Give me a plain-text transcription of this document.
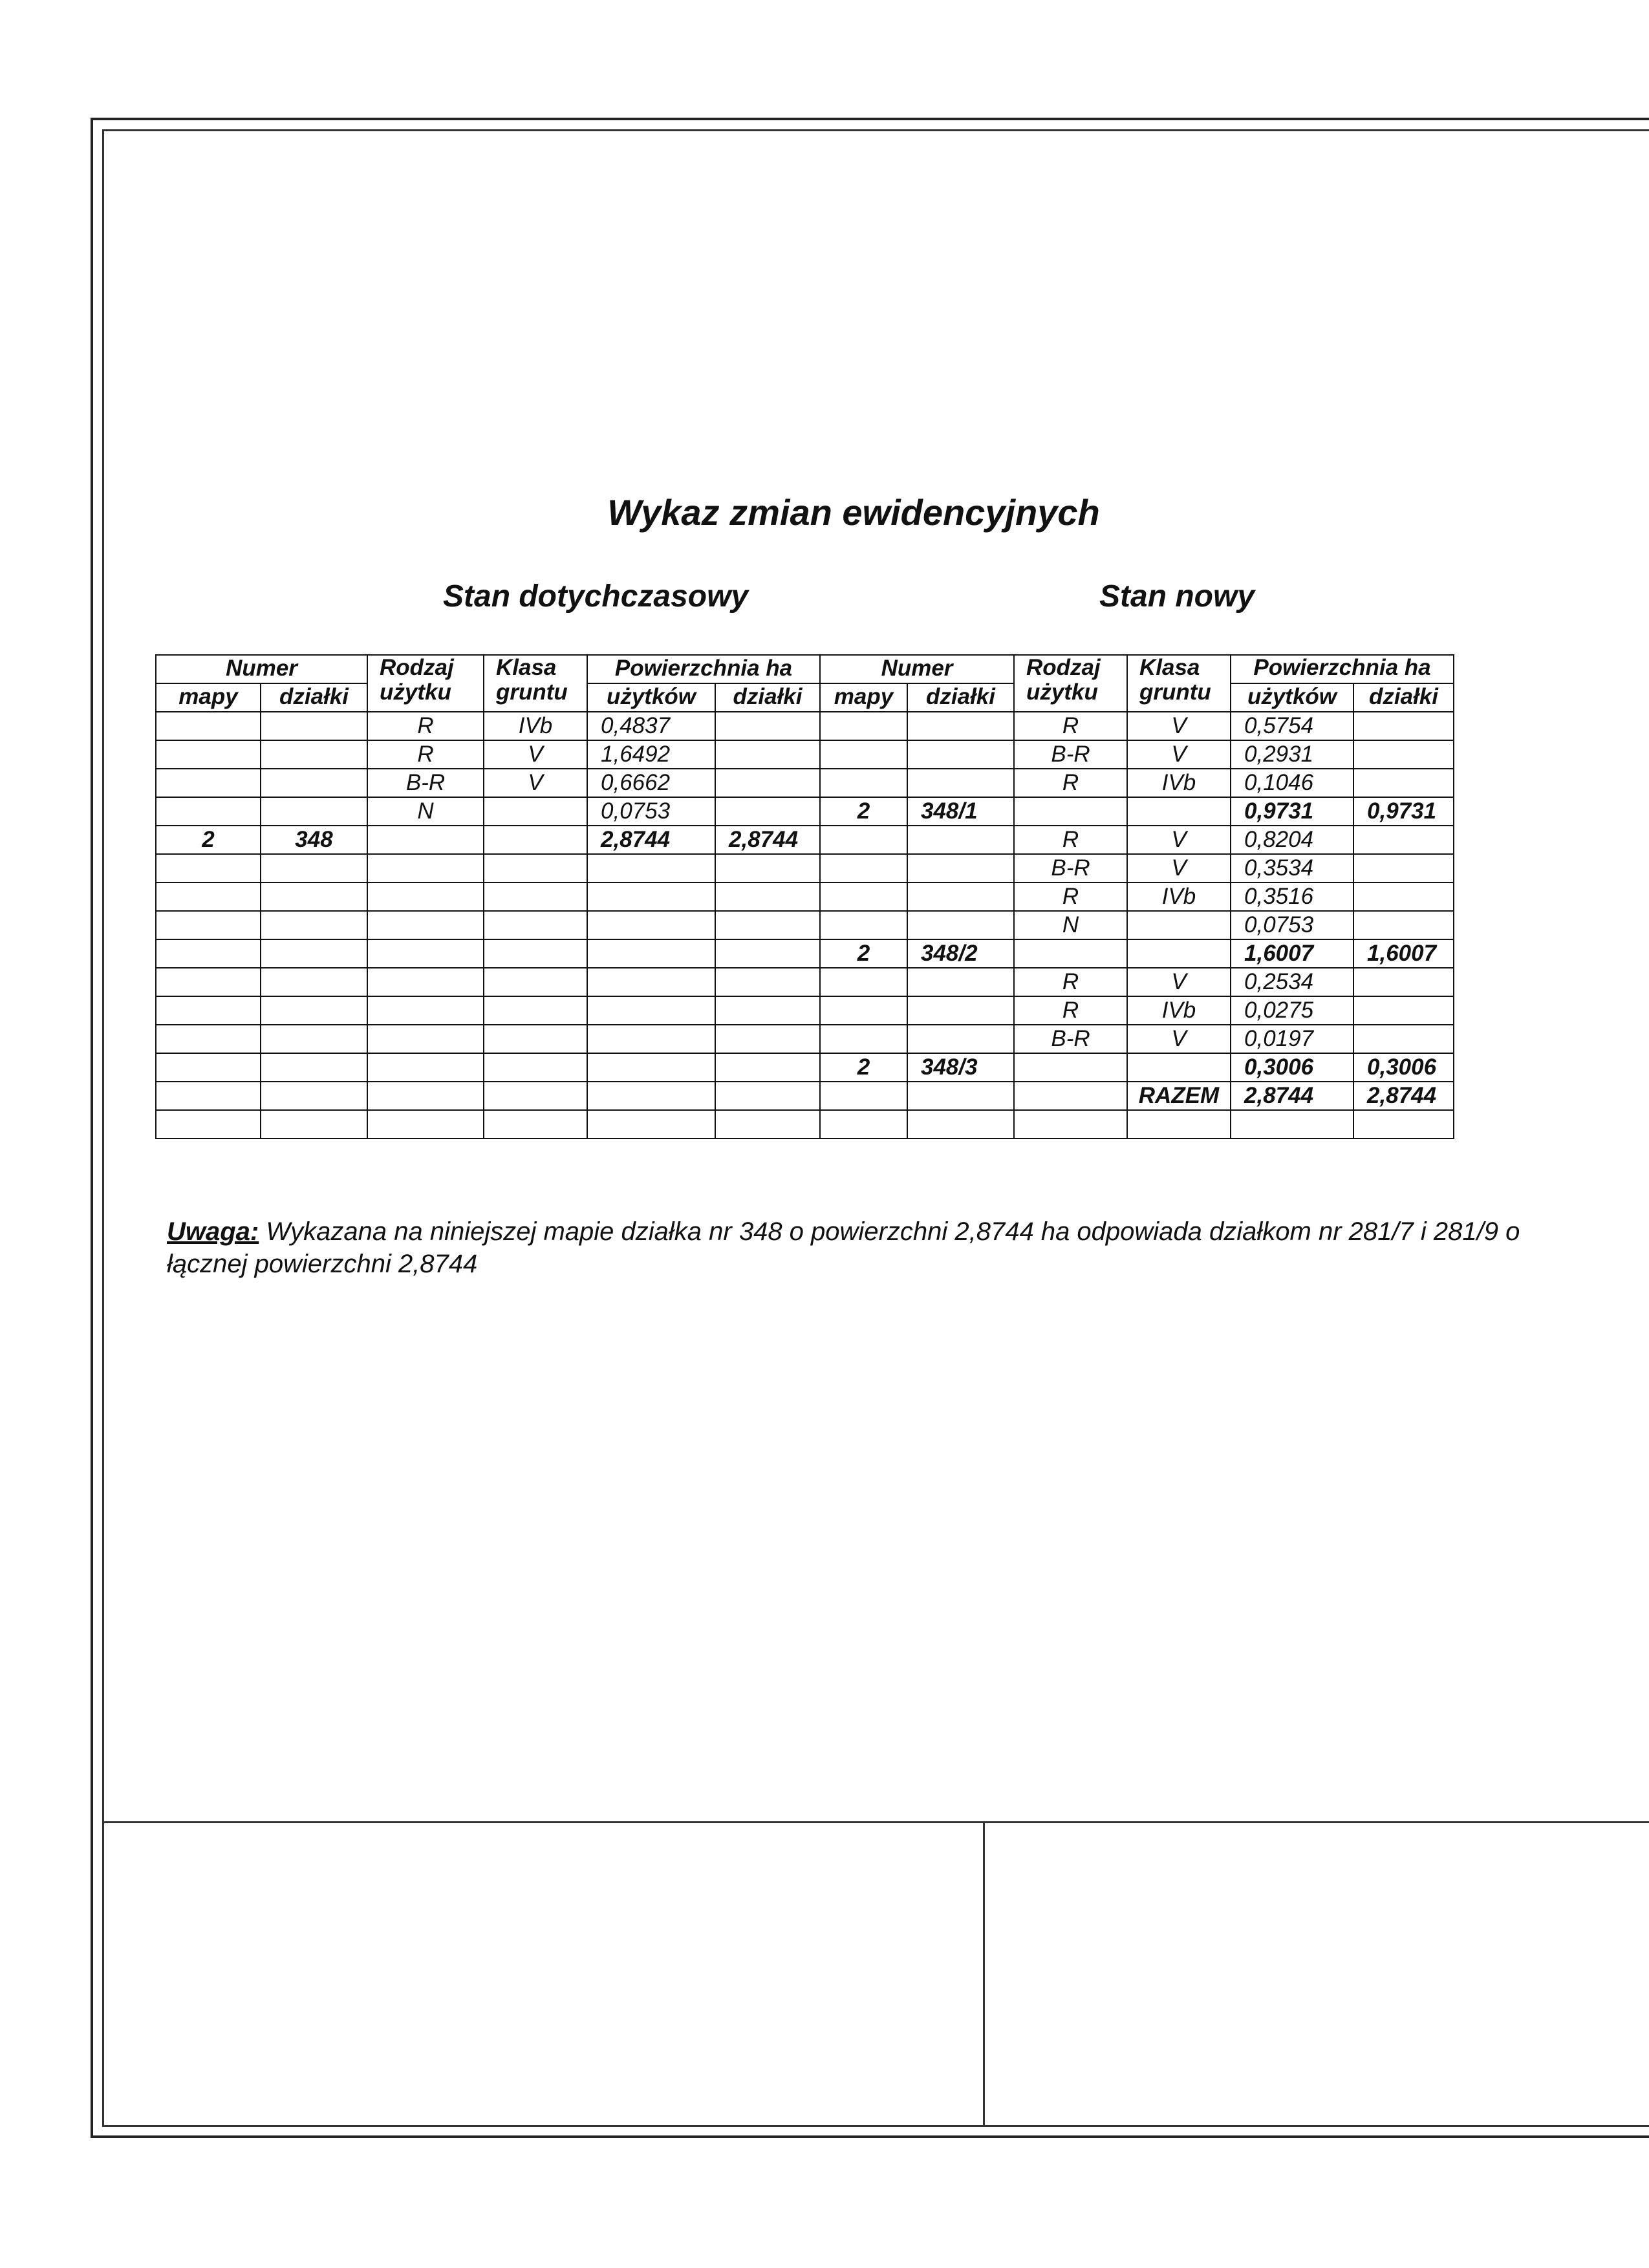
Wykaz zmian ewidencyjnych
Stan dotychczasowy	Stan nowy
Numer		Rodzaj użytku	Klasa gruntu	Powierzchnia ha		Numer		Rodzaj użytku	Klasa gruntu	Powierzchnia ha	
mapy	działki			użytków	działki	mapy	działki			użytków	działki
		R	IVb	0,4837				R	V	0,5754	
		R	V	1,6492				B-R	V	0,2931	
		B-R	V	0,6662				R	IVb	0,1046	
		N		0,0753		2	348/1			0,9731	0,9731
2	348			2,8744	2,8744			R	V	0,8204	
								B-R	V	0,3534	
								R	IVb	0,3516	
								N		0,0753	
						2	348/2			1,6007	1,6007
								R	V	0,2534	
								R	IVb	0,0275	
								B-R	V	0,0197	
						2	348/3			0,3006	0,3006
									RAZEM	2,8744	2,8744

Uwaga: Wykazana na niniejszej mapie działka nr 348 o powierzchni 2,8744 ha odpowiada działkom nr 281/7 i 281/9 o łącznej powierzchni 2,8744
